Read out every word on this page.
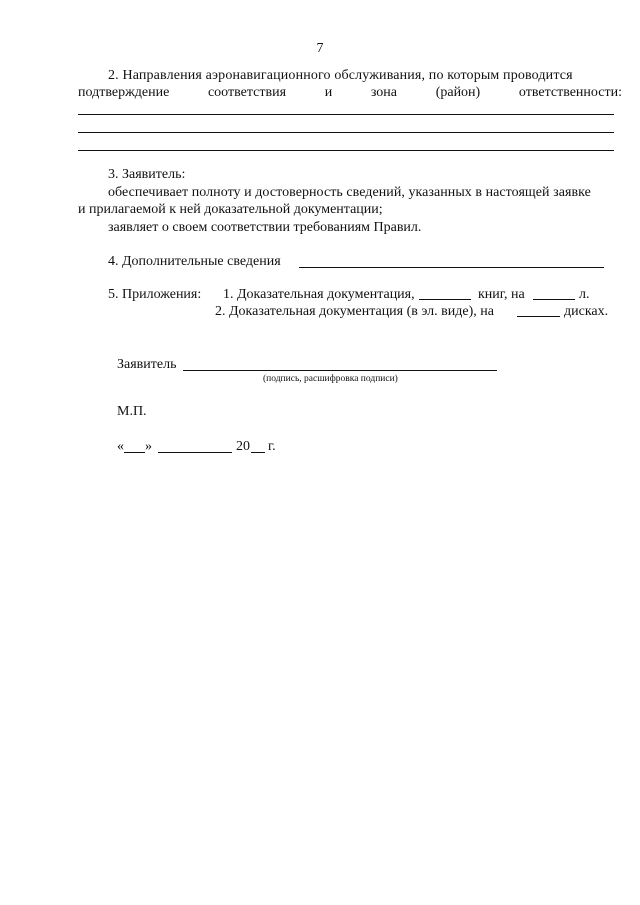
7
2. Направления аэронавигационного обслуживания, по которым проводится
подтверждение	соответствия	и	зона	(район)	ответственности:
3. Заявитель:
обеспечивает полноту и достоверность сведений, указанных в настоящей заявке
и прилагаемой к ней доказательной документации;
заявляет о своем соответствии требованиям Правил.
4. Дополнительные сведения
5. Приложения: 1. Доказательная документация,	книг, на	л.
2. Доказательная документация (в эл. виде), на	дисках.
Заявитель
(подпись, расшифровка подписи)
М.П.
« »	20 г.
